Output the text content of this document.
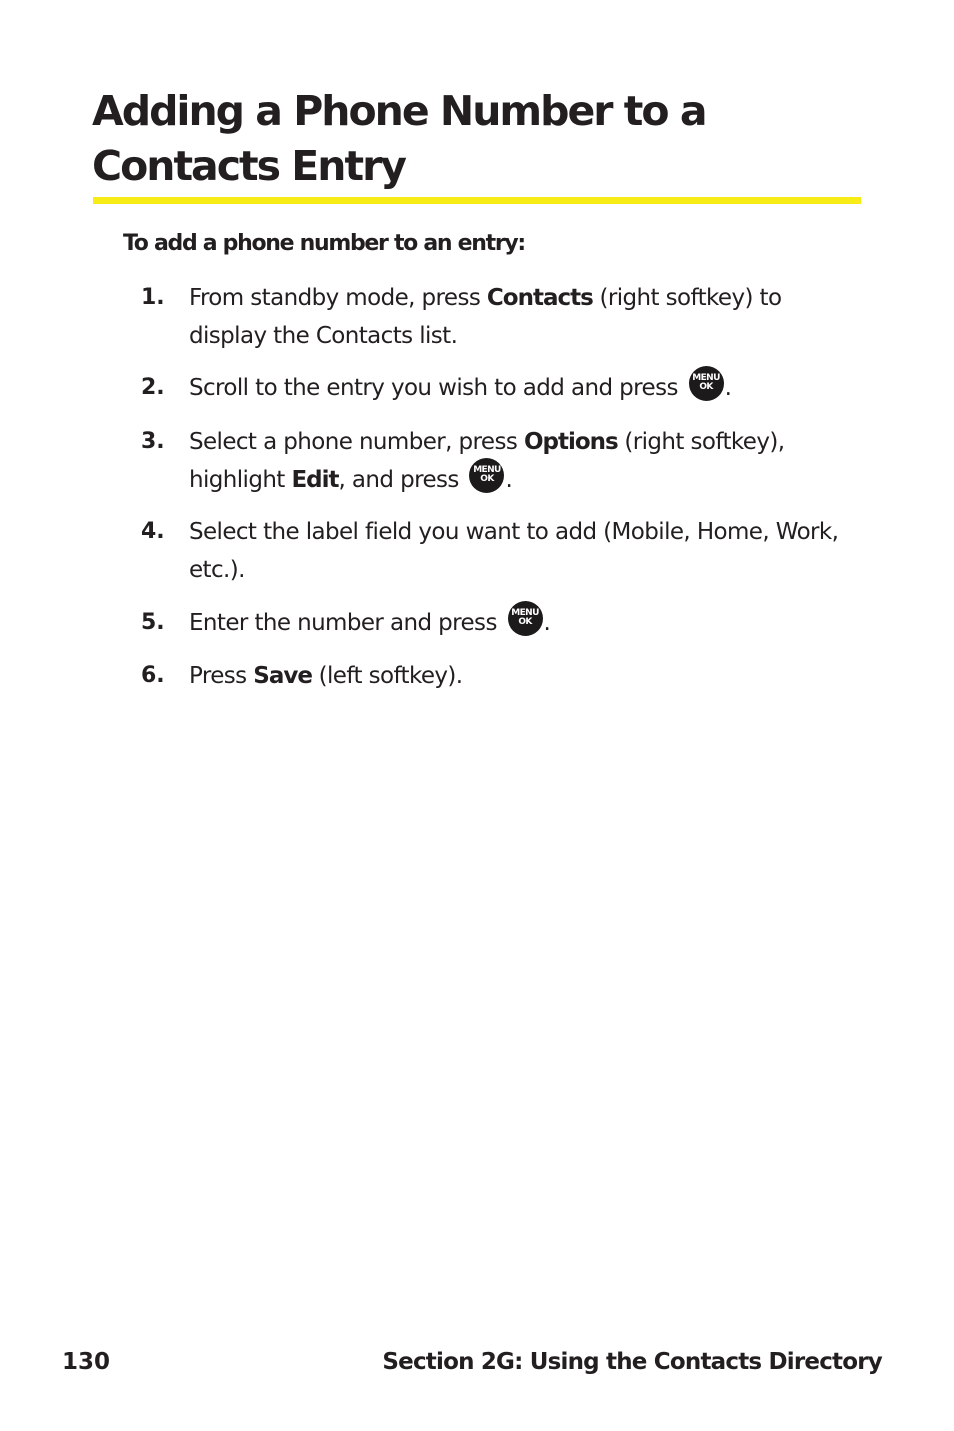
Adding a Phone Number to a
Contacts Entry
To add a phone number to an entry:
1. From standby mode, press Contacts (right softkey) to display the Contacts list.
2. Scroll to the entry you wish to add and press MENU
OK .
3. Select a phone number, press Options (right softkey), highlight Edit, and press MENU
OK .
4. Select the label field you want to add (Mobile, Home, Work, etc.).
5. Enter the number and press MENU
OK .
6. Press Save (left softkey).
130	Section 2G: Using the Contacts Directory
